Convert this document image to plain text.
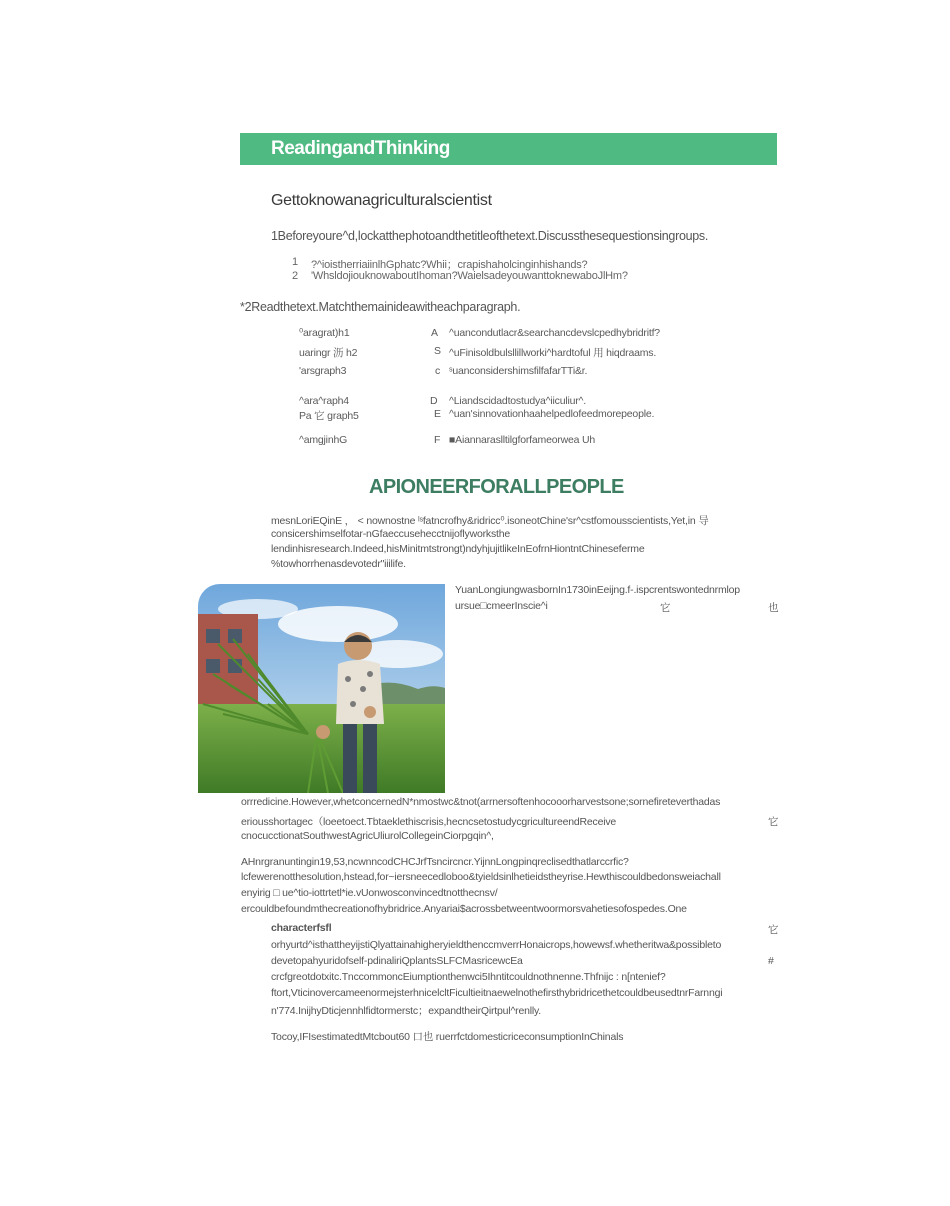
ReadingandThinking
Gettoknowanagriculturalscientist
1Beforeyoure^d,lockatthephotoandthetitleofthetext.Discussthesequestionsingroups.
1 ?^ioistherriaiinlhGphatc?Whii；crapishaholcinginhishands?
2 'WhsldojiouknowaboutIhoman?WaielsadeyouwanttoknewaboJlHm?
*2Readthetext.Matchthemainideawitheachparagraph.
⁰aragrat)h1	A ^uancondutlacr&searchancdevslcpedhybridritf?
uaringr 沥 h2	S ^uFinisoldbulsllillworki^hardtoful 用 hiqdraams.
'arsgraph3	c ˢuanconsidershimsfilfafarTTi&r.
^ara^raph4	D ^Liandscidadtostudya^iiculiur^.
Pa 它 graph5	E ^uan'sinnovationhaahelpedlofeedmorepeople.
^amgjinhG	F ■Aiannaraslltilgforfameorwea Uh
APIONEERFORALLPEOPLE
mesnLoriEQinE ， < nownostne ˡˢfatncrofhy&ridricc⁰.isoneotChine'sr^cstfomousscientists,Yet,in 导
consicershimselfotar-nGfaeccusehecctnijoflyworksthe
lendinhisresearch.Indeed,hisMinitmtstrongt)ndyhjujitlikeInEofrnHiontntChineseferme
%towhorrhenasdevotedr"iiilife.
YuanLongiungwasbornIn1730inEeijng.f-.ispcrentswontednrmlop
ursue□cmeerInscie^i	它	也
orrredicine.However,whetconcernedN*nmostwc&tnot(arrnersoftenhocooorharvestsone;sornefireteverthadas
eriousshortagec（loeetoect.Tbtaeklethiscrisis,hecncsetostudycgricultureendReceive	它
cnocucctionatSouthwestAgricUliurolCollegeinCiorpgqin^,
AHnrgranuntingin19,53,ncwnncodCHCJrfTsncircncr.YijnnLongpinqreclisedthatlarccrfic?
lcfewerenotthesolution,hstead,for~iersneecedloboo&tyieldsinlhetieidstheyrise.Hewthiscouldbedonsweiachall
enyirig □ ue^tio-iottrtetl*ie.vUonwosconvincedtnotthecnsv/
ercouldbefoundmthecreationofhybridrice.Anyariai$acrossbetweentwoormorsvahetiesofospedes.One
characterfsfl	它
orhyurtd^isthattheyijstiQlyattainahigheryieldthenccmverrHonaicrops,howewsf.whetheritwa&possibleto
devetopahyuridofself-pdinaliriQplantsSLFCMasricewcEa	#
crcfgreotdotxitc.TnccommoncEiumptionthenwci5Ihntitcouldnothnenne.Thfnijc : n[ntenief?
ftort,VticinovercameenormejsterhnicelcltFicultieitnaewelnothefirsthybridricethetcouldbeusedtnrFarnngi
n'774.InijhyDticjennhlfidtormerstc；expandtheirQirtpul^renlly.
Tocoy,IFIsestimatedtMtcbout60 口也 ruerrfctdomesticriceconsumptionInChinals
